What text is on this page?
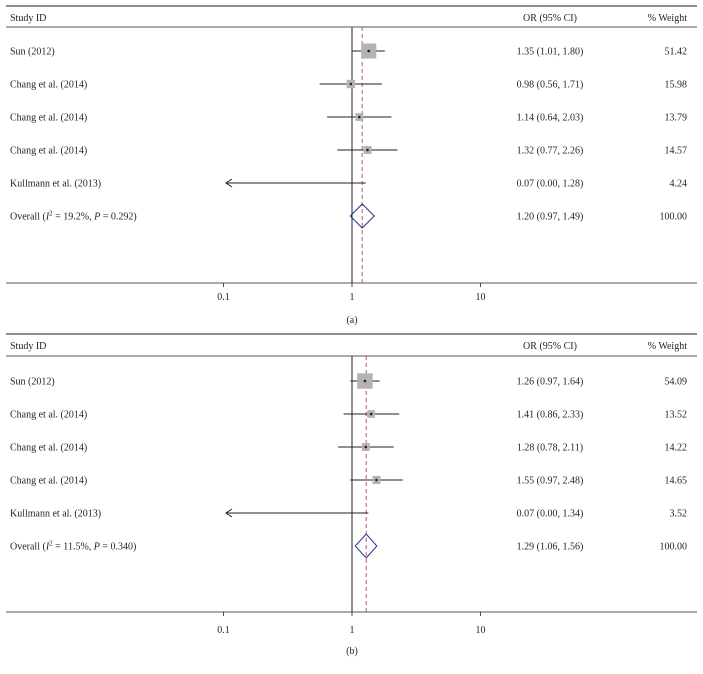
Study ID	OR (95% CI)	% Weight
0.1	1	10
Sun (2012)	1.35 (1.01, 1.80)	51.42
Chang et al. (2014)	0.98 (0.56, 1.71)	15.98
Chang et al. (2014)	1.14 (0.64, 2.03)	13.79
Chang et al. (2014)	1.32 (0.77, 2.26)	14.57
Kullmann et al. (2013)	0.07 (0.00, 1.28)	4.24
Overall ($I^2 = 19.2\%$, P = 0.292)	1.20 (0.97, 1.49)	100.00
(a)
Study ID	OR (95% CI)	% Weight
0.1	1	10
Sun (2012)	1.26 (0.97, 1.64)	54.09
Chang et al. (2014)	1.41 (0.86, 2.33)	13.52
Chang et al. (2014)	1.28 (0.78, 2.11)	14.22
Chang et al. (2014)	1.55 (0.97, 2.48)	14.65
Kullmann et al. (2013)	0.07 (0.00, 1.34)	3.52
Overall ($I^2 = 11.5\%$, P = 0.340)	1.29 (1.06, 1.56)	100.00
(b)
